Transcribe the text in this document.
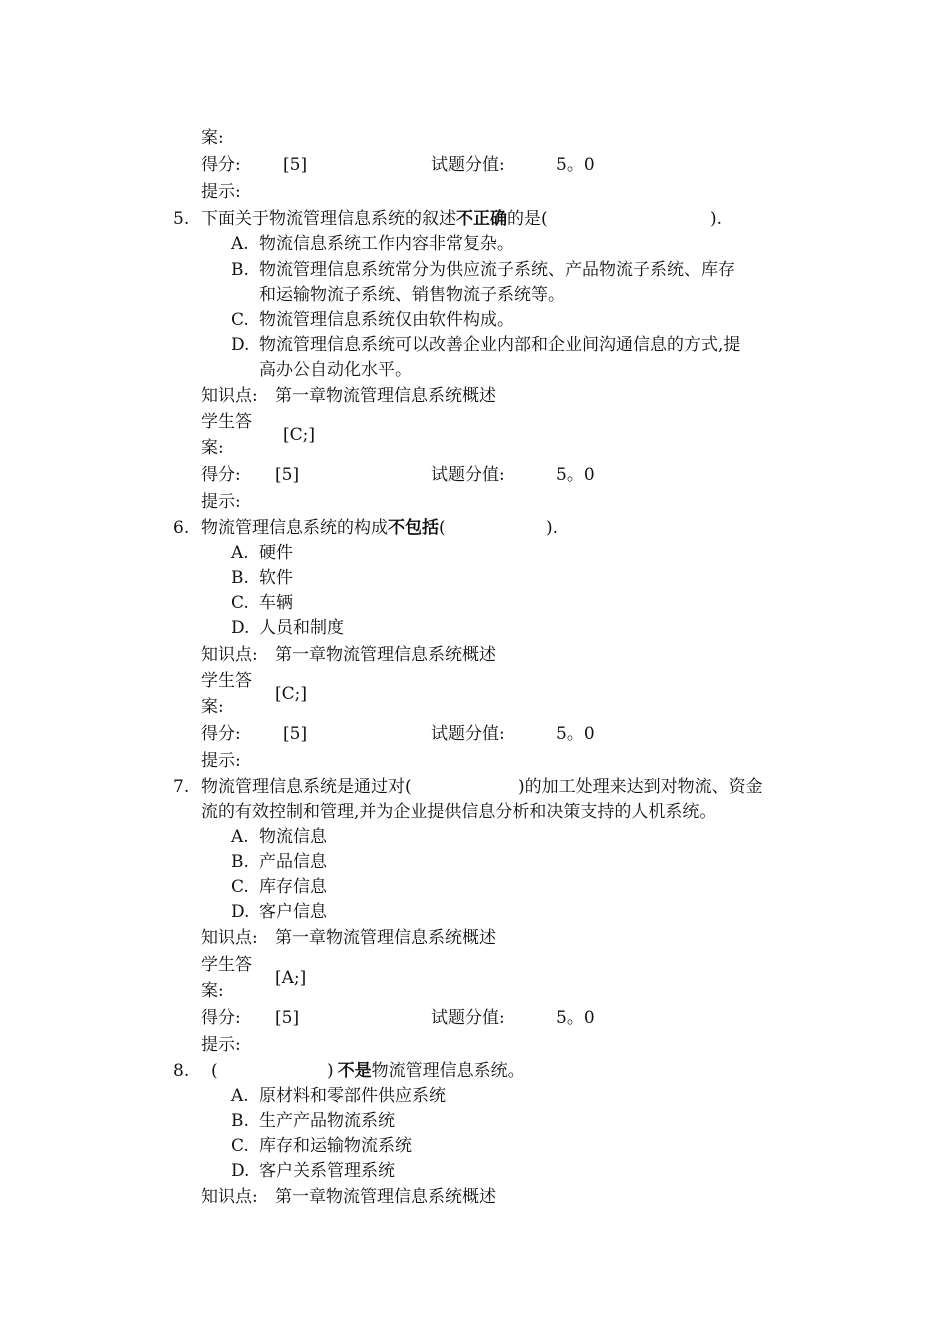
案:
得分: [5]	试题分值:	5。0
提示:
5. 下面关于物流管理信息系统的叙述不正确的是(	).
A. 物流信息系统工作内容非常复杂。
B. 物流管理信息系统常分为供应流子系统、产品物流子系统、库存
和运输物流子系统、销售物流子系统等。
C. 物流管理信息系统仅由软件构成。
D. 物流管理信息系统可以改善企业内部和企业间沟通信息的方式,提
高办公自动化水平。
知识点: 第一章物流管理信息系统概述
学生答
案:
[C;]
得分: [5]	试题分值:	5。0
提示:
6. 物流管理信息系统的构成不包括(	).
A. 硬件
B. 软件
C. 车辆
D. 人员和制度
知识点: 第一章物流管理信息系统概述
学生答
案:
[C;]
得分: [5]	试题分值:	5。0
提示:
7. 物流管理信息系统是通过对(	)的加工处理来达到对物流、资金
流的有效控制和管理,并为企业提供信息分析和决策支持的人机系统。
A. 物流信息
B. 产品信息
C. 库存信息
D. 客户信息
知识点: 第一章物流管理信息系统概述
学生答
案:
[A;]
得分: [5]	试题分值:	5。0
提示:
8. (	) 不是物流管理信息系统。
A. 原材料和零部件供应系统
B. 生产产品物流系统
C. 库存和运输物流系统
D. 客户关系管理系统
知识点: 第一章物流管理信息系统概述
